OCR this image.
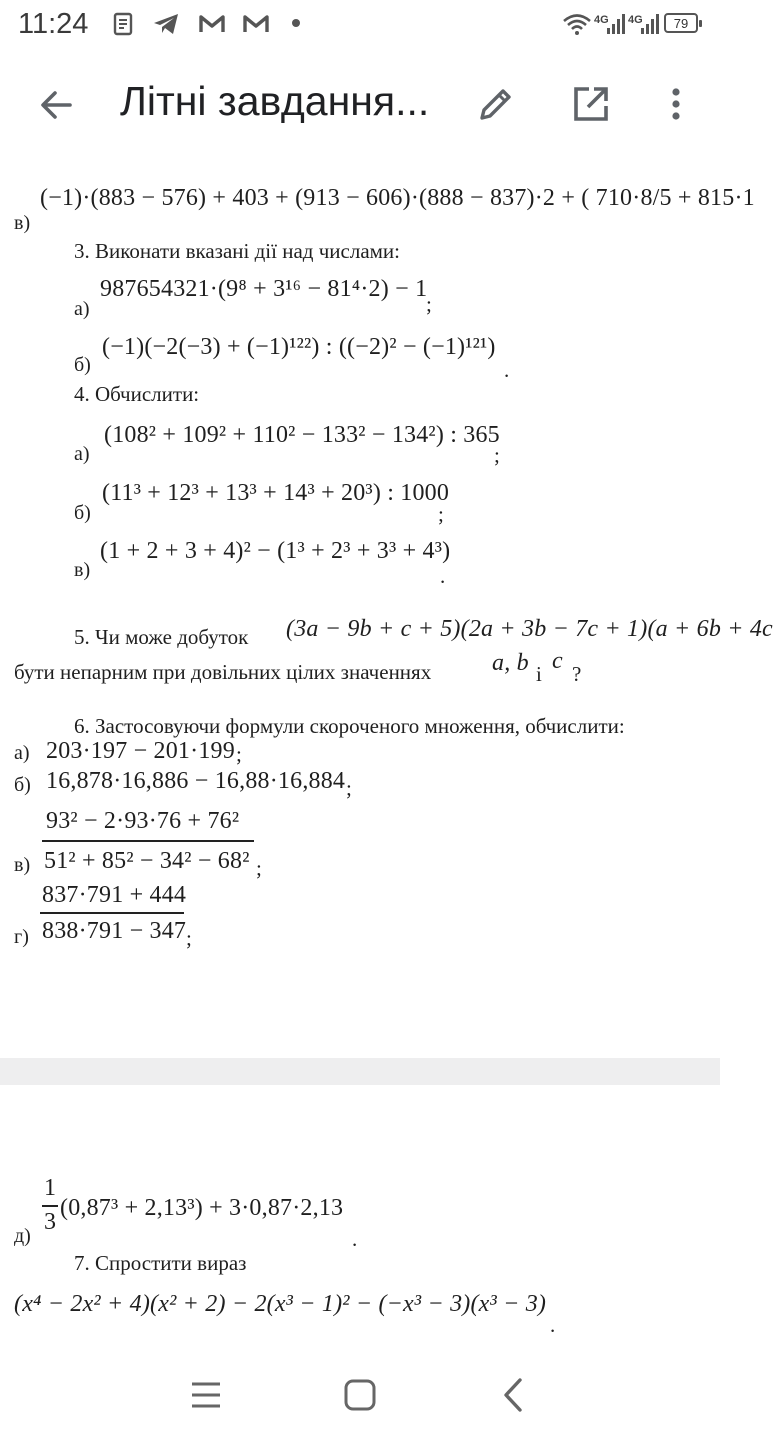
11:24	4G 4G	79
Літні завдання...
в)
(−1)·(883 − 576) + 403 + (913 − 606)·(888 − 837)·2 + ( 710·8/5 + 815·1
3. Виконати вказані дії над числами:
а)
987654321·(9⁸ + 3¹⁶ − 81⁴·2) − 1
;
б)
(−1)(−2(−3) + (−1)¹²²) : ((−2)² − (−1)¹²¹)
.
4. Обчислити:
а)
(108² + 109² + 110² − 133² − 134²) : 365
;
б)
(11³ + 12³ + 13³ + 14³ + 20³) : 1000
;
в)
(1 + 2 + 3 + 4)² − (1³ + 2³ + 3³ + 4³)
.
5. Чи може добуток (3a − 9b + c + 5)(2a + 3b − 7c + 1)(a + 6b + 4c
бути непарним при довільних цілих значеннях	a, b і c ?
6. Застосовуючи формули скороченого множення, обчислити:
а) 203·197 − 201·199 ;
б) 16,878·16,886 − 16,88·16,884 ;
93² − 2·93·76 + 76²
в) 51² + 85² − 34² − 68² ;
837·791 + 444
г) 838·791 − 347 ;
1
3
д)
(0,87³ + 2,13³) + 3·0,87·2,13
.
7. Спростити вираз
(x⁴ − 2x² + 4)(x² + 2) − 2(x³ − 1)² − (−x³ − 3)(x³ − 3)
.
